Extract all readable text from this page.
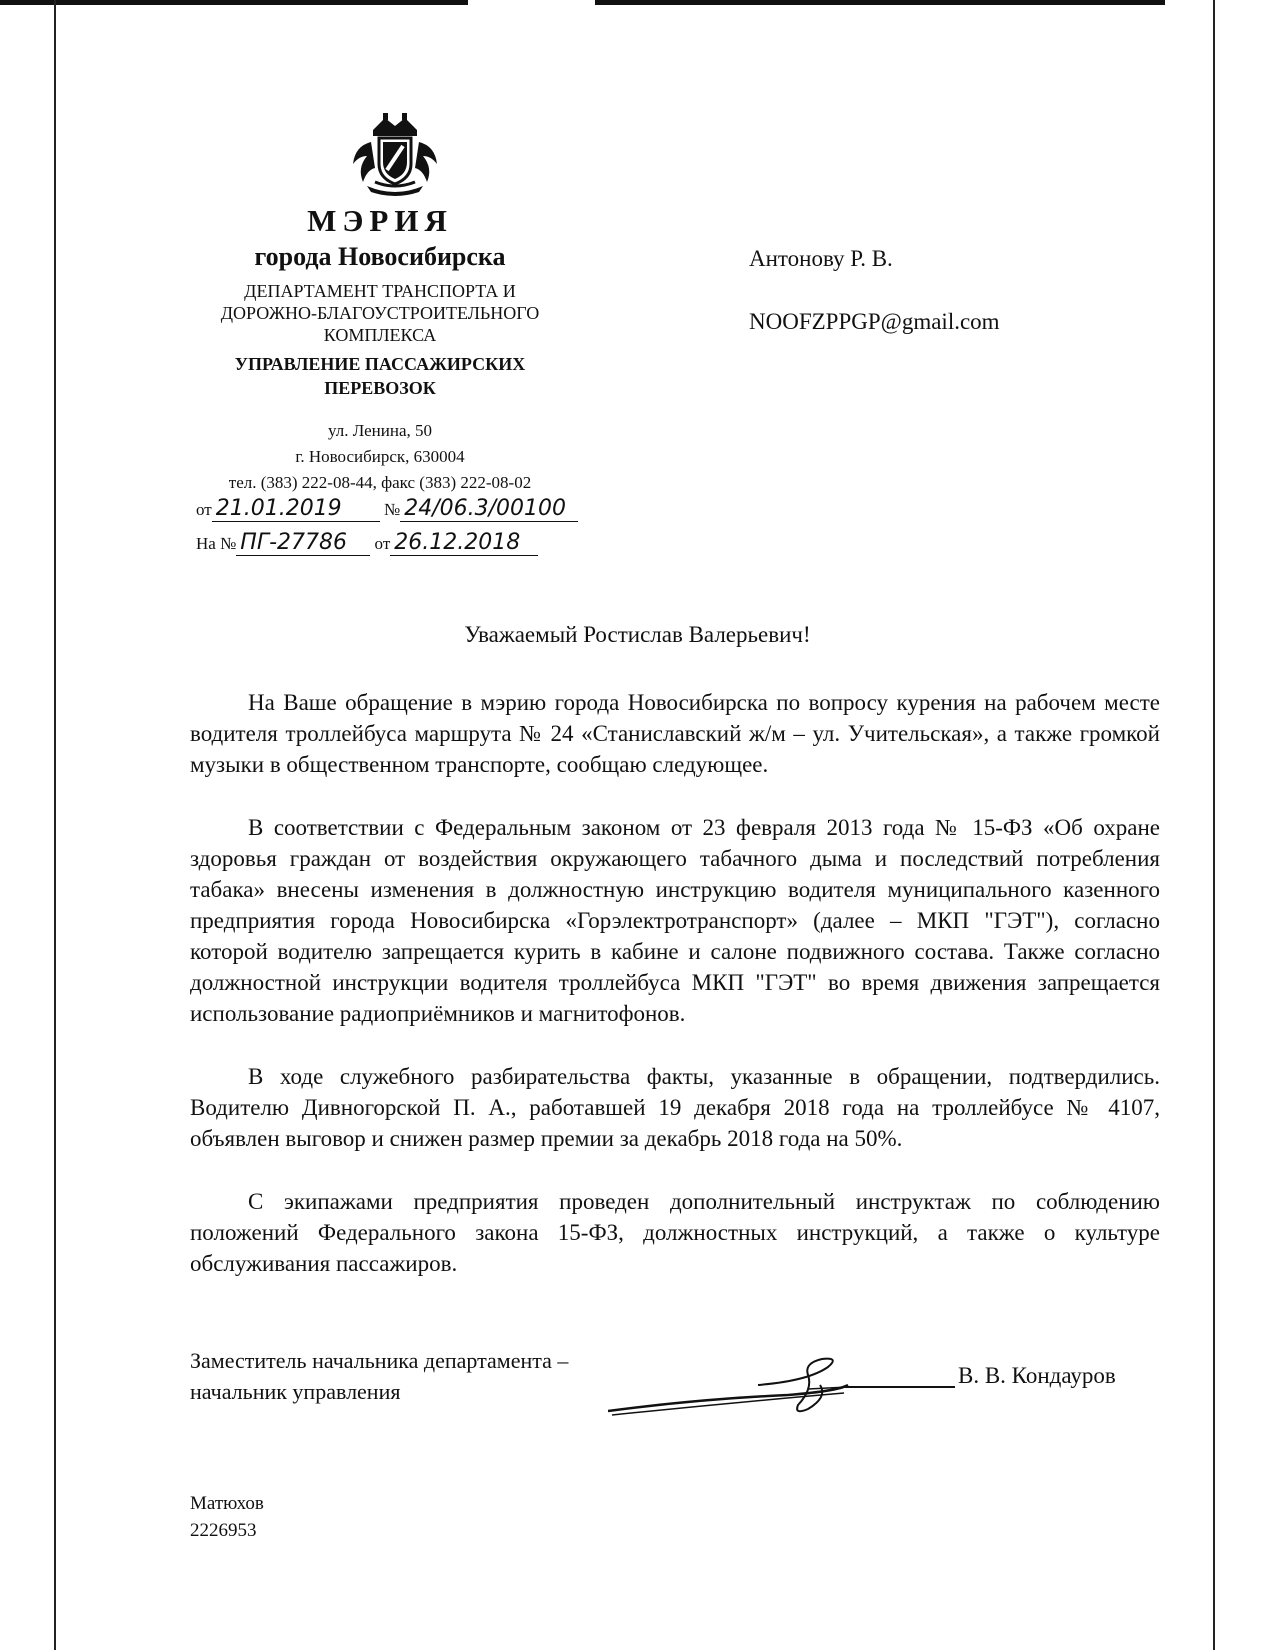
МЭРИЯ
города Новосибирска
ДЕПАРТАМЕНТ ТРАНСПОРТА И
ДОРОЖНО-БЛАГОУСТРОИТЕЛЬНОГО
КОМПЛЕКСА
УПРАВЛЕНИЕ ПАССАЖИРСКИХ
ПЕРЕВОЗОК
ул. Ленина, 50
г. Новосибирск, 630004
тел. (383) 222-08-44, факс (383) 222-08-02
от 21.01.2019 № 24/06.3/00100
На № ПГ-27786 от 26.12.2018
Антонову Р. В.
NOOFZPPGP@gmail.com
Уважаемый Ростислав Валерьевич!

На Ваше обращение в мэрию города Новосибирска по вопросу курения на рабочем месте водителя троллейбуса маршрута № 24 «Станиславский ж/м – ул. Учительская», а также громкой музыки в общественном транспорте, сообщаю следующее.

В соответствии с Федеральным законом от 23 февраля 2013 года № 15-ФЗ «Об охране здоровья граждан от воздействия окружающего табачного дыма и последствий потребления табака» внесены изменения в должностную инструкцию водителя муниципального казенного предприятия города Новосибирска «Горэлектротранспорт» (далее – МКП "ГЭТ"), согласно которой водителю запрещается курить в кабине и салоне подвижного состава. Также согласно должностной инструкции водителя троллейбуса МКП "ГЭТ" во время движения запрещается использование радиоприёмников и магнитофонов.

В ходе служебного разбирательства факты, указанные в обращении, подтвердились. Водителю Дивногорской П. А., работавшей 19 декабря 2018 года на троллейбусе № 4107, объявлен выговор и снижен размер премии за декабрь 2018 года на 50%.

С экипажами предприятия проведен дополнительный инструктаж по соблюдению положений Федерального закона 15-ФЗ, должностных инструкций, а также о культуре обслуживания пассажиров.

Заместитель начальника департамента –
начальник управления
В. В. Кондауров
Матюхов
2226953
